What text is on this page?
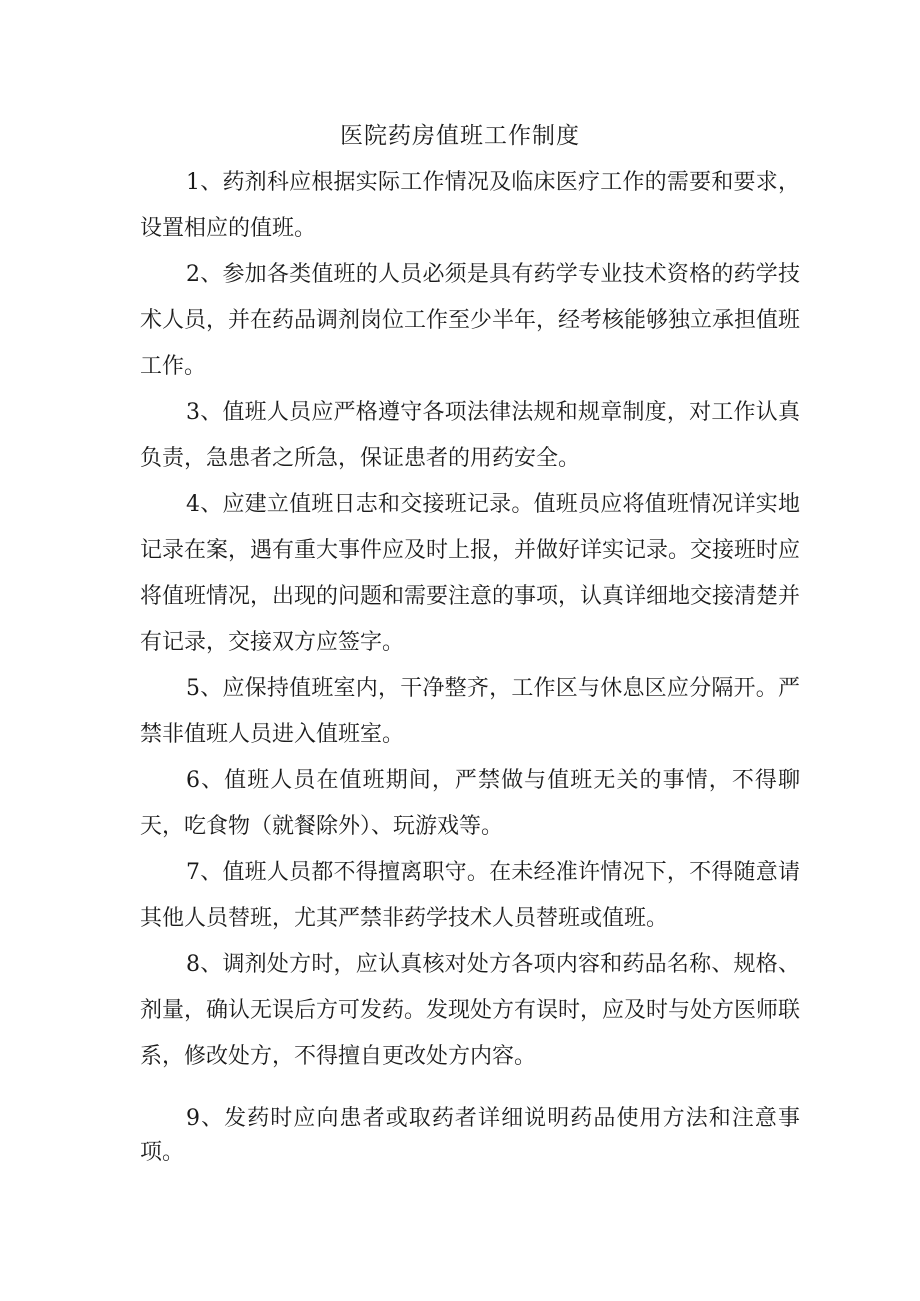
医院药房值班工作制度
1、药剂科应根据实际工作情况及临床医疗工作的需要和要求，设置相应的值班。
2、参加各类值班的人员必须是具有药学专业技术资格的药学技术人员，并在药品调剂岗位工作至少半年，经考核能够独立承担值班工作。
3、值班人员应严格遵守各项法律法规和规章制度，对工作认真负责，急患者之所急，保证患者的用药安全。
4、应建立值班日志和交接班记录。值班员应将值班情况详实地记录在案，遇有重大事件应及时上报，并做好详实记录。交接班时应将值班情况，出现的问题和需要注意的事项，认真详细地交接清楚并有记录，交接双方应签字。
5、应保持值班室内，干净整齐，工作区与休息区应分隔开。严禁非值班人员进入值班室。
6、值班人员在值班期间，严禁做与值班无关的事情，不得聊天，吃食物（就餐除外）、玩游戏等。
7、值班人员都不得擅离职守。在未经准许情况下，不得随意请其他人员替班，尤其严禁非药学技术人员替班或值班。
8、调剂处方时，应认真核对处方各项内容和药品名称、规格、剂量，确认无误后方可发药。发现处方有误时，应及时与处方医师联系，修改处方，不得擅自更改处方内容。
9、发药时应向患者或取药者详细说明药品使用方法和注意事项。
